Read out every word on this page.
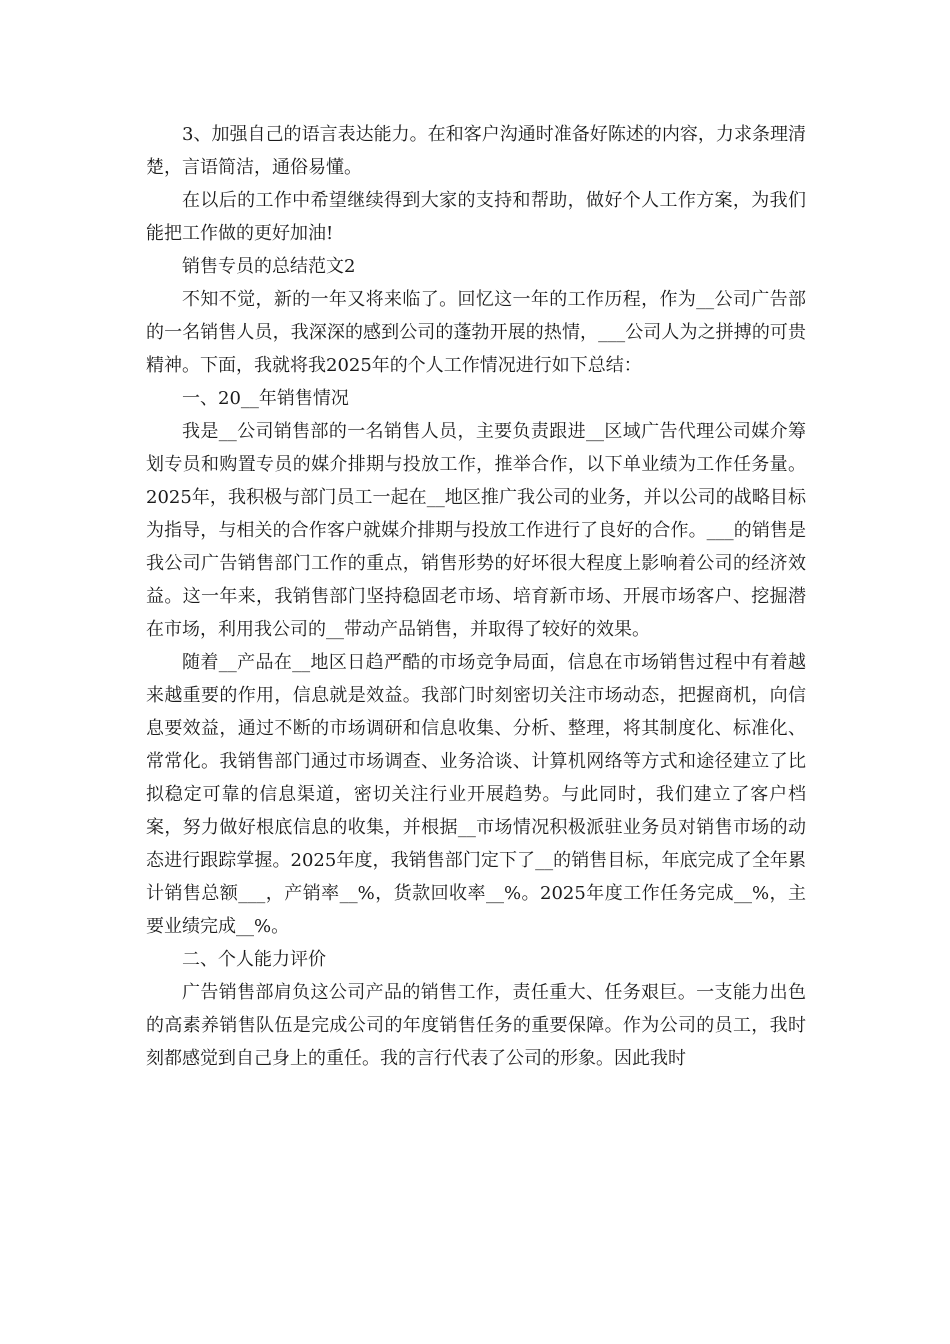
3、加强自己的语言表达能力。在和客户沟通时准备好陈述的内容，力求条理清楚，言语简洁，通俗易懂。

在以后的工作中希望继续得到大家的支持和帮助，做好个人工作方案，为我们能把工作做的更好加油!

销售专员的总结范文2

不知不觉，新的一年又将来临了。回忆这一年的工作历程，作为__公司广告部的一名销售人员，我深深的感到公司的蓬勃开展的热情，___公司人为之拼搏的可贵精神。下面，我就将我2025年的个人工作情况进行如下总结：

一、20__年销售情况

我是__公司销售部的一名销售人员，主要负责跟进__区域广告代理公司媒介筹划专员和购置专员的媒介排期与投放工作，推举合作，以下单业绩为工作任务量。2025年，我积极与部门员工一起在__地区推广我公司的业务，并以公司的战略目标为指导，与相关的合作客户就媒介排期与投放工作进行了良好的合作。___的销售是我公司广告销售部门工作的重点，销售形势的好坏很大程度上影响着公司的经济效益。这一年来，我销售部门坚持稳固老市场、培育新市场、开展市场客户、挖掘潜在市场，利用我公司的__带动产品销售，并取得了较好的效果。

随着__产品在__地区日趋严酷的市场竞争局面，信息在市场销售过程中有着越来越重要的作用，信息就是效益。我部门时刻密切关注市场动态，把握商机，向信息要效益，通过不断的市场调研和信息收集、分析、整理，将其制度化、标准化、常常化。我销售部门通过市场调查、业务洽谈、计算机网络等方式和途径建立了比拟稳定可靠的信息渠道，密切关注行业开展趋势。与此同时，我们建立了客户档案，努力做好根底信息的收集，并根据__市场情况积极派驻业务员对销售市场的动态进行跟踪掌握。2025年度，我销售部门定下了__的销售目标，年底完成了全年累计销售总额___，产销率__%，货款回收率__%。2025年度工作任务完成__%，主要业绩完成__%。

二、个人能力评价

广告销售部肩负这公司产品的销售工作，责任重大、任务艰巨。一支能力出色的高素养销售队伍是完成公司的年度销售任务的重要保障。作为公司的员工，我时刻都感觉到自己身上的重任。我的言行代表了公司的形象。因此我时
